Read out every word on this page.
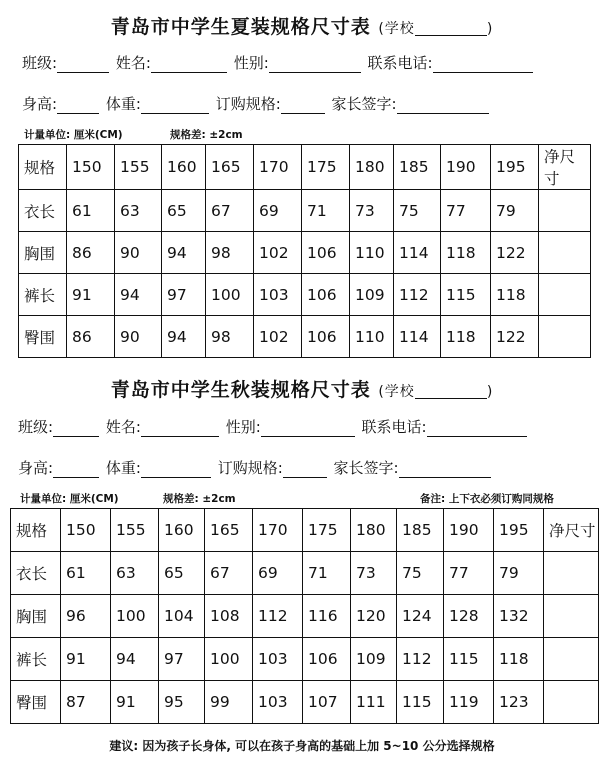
青岛市中学生夏装规格尺寸表 (学校	)
班级:	姓名:	性别:	联系电话:
身高:	体重:	订购规格:	家长签字:
计量单位: 厘米(CM)	规格差: ±2cm
规格	150	155	160	165	170	175	180	185	190	195	净尺寸
衣长	61	63	65	67	69	71	73	75	77	79	
胸围	86	90	94	98	102	106	110	114	118	122	
裤长	91	94	97	100	103	106	109	112	115	118	
臀围	86	90	94	98	102	106	110	114	118	122	
青岛市中学生秋装规格尺寸表 (学校	)
班级:	姓名:	性别:	联系电话:
身高:	体重:	订购规格:	家长签字:
计量单位: 厘米(CM)	规格差: ±2cm	备注: 上下衣必须订购同规格
规格	150	155	160	165	170	175	180	185	190	195	净尺寸
衣长	61	63	65	67	69	71	73	75	77	79	
胸围	96	100	104	108	112	116	120	124	128	132	
裤长	91	94	97	100	103	106	109	112	115	118	
臀围	87	91	95	99	103	107	111	115	119	123	
建议: 因为孩子长身体, 可以在孩子身高的基础上加 5~10 公分选择规格
